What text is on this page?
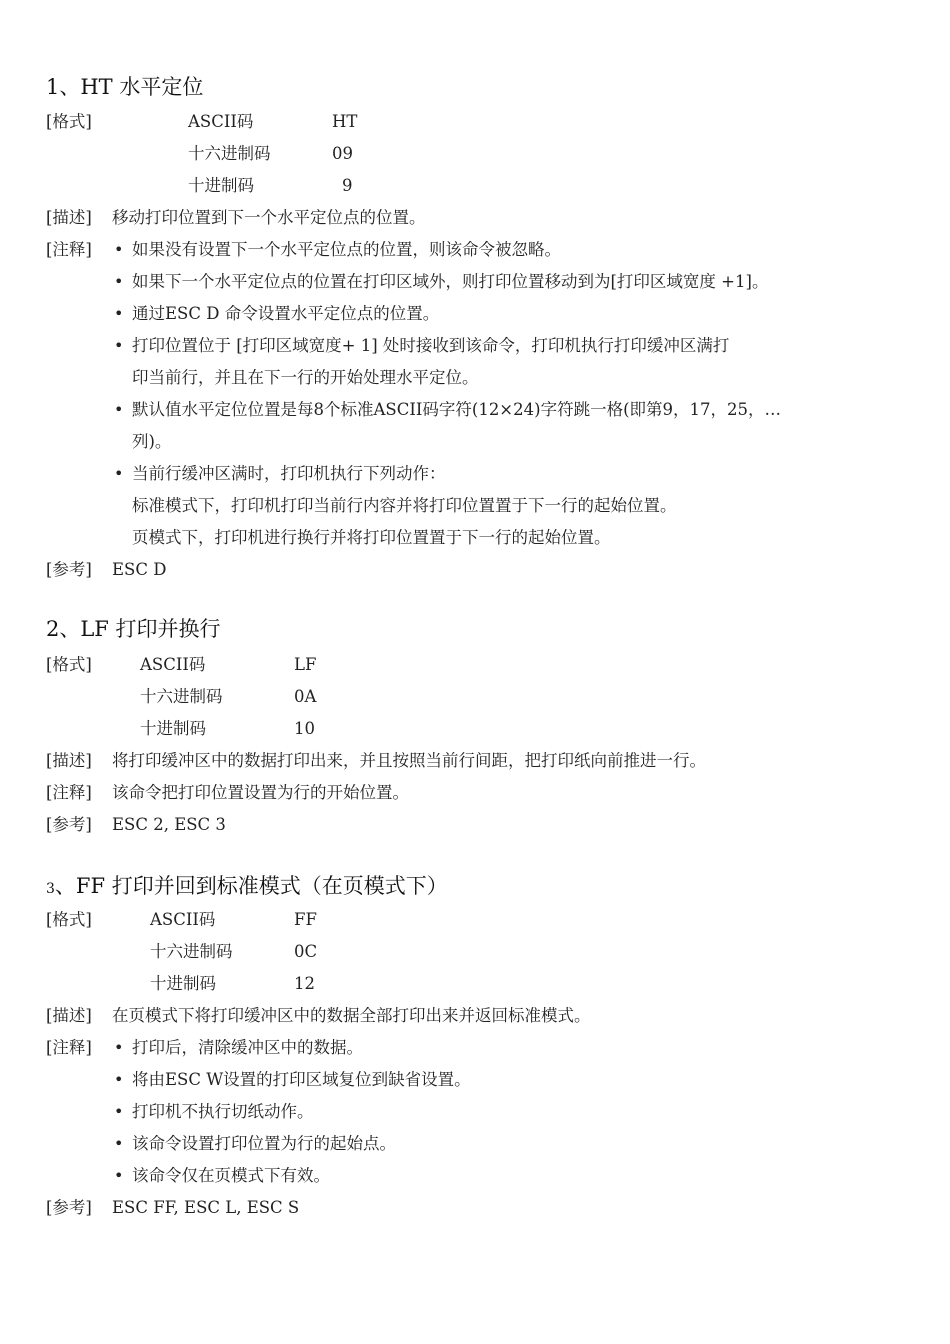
1、HT 水平定位
[格式]	ASCII码	HT
十六进制码	09
十进制码	9
[描述] 移动打印位置到下一个水平定位点的位置。
[注释] • 如果没有设置下一个水平定位点的位置，则该命令被忽略。
• 如果下一个水平定位点的位置在打印区域外，则打印位置移动到为[打印区域宽度 +1]。
• 通过ESC D 命令设置水平定位点的位置。
• 打印位置位于 [打印区域宽度+ 1] 处时接收到该命令，打印机执行打印缓冲区满打
印当前行，并且在下一行的开始处理水平定位。
• 默认值水平定位位置是每8个标准ASCII码字符(12×24)字符跳一格(即第9，17，25，…
列)。
• 当前行缓冲区满时，打印机执行下列动作：
标准模式下，打印机打印当前行内容并将打印位置置于下一行的起始位置。
页模式下，打印机进行换行并将打印位置置于下一行的起始位置。
[参考] ESC D
2、LF 打印并换行
[格式]	ASCII码	LF
十六进制码	0A
十进制码	10
[描述] 将打印缓冲区中的数据打印出来，并且按照当前行间距，把打印纸向前推进一行。
[注释] 该命令把打印位置设置为行的开始位置。
[参考] ESC 2, ESC 3
3、FF 打印并回到标准模式（在页模式下）
[格式]	ASCII码	FF
十六进制码	0C
十进制码	12
[描述] 在页模式下将打印缓冲区中的数据全部打印出来并返回标准模式。
[注释] • 打印后，清除缓冲区中的数据。
• 将由ESC W设置的打印区域复位到缺省设置。
• 打印机不执行切纸动作。
• 该命令设置打印位置为行的起始点。
• 该命令仅在页模式下有效。
[参考] ESC FF, ESC L, ESC S
